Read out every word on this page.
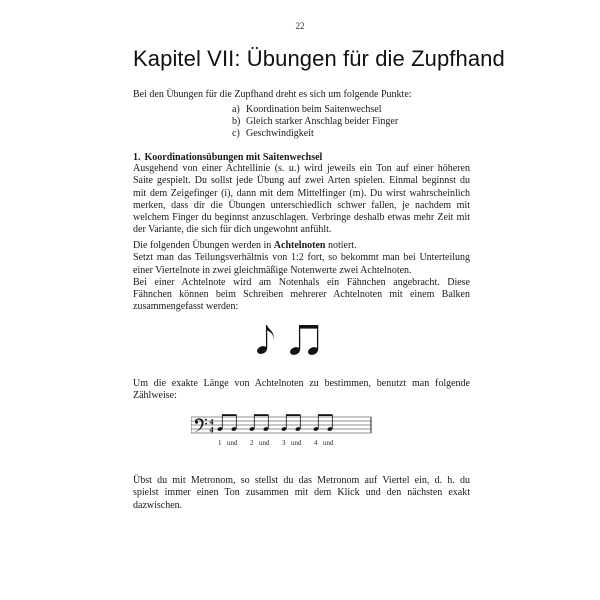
22
Kapitel VII: Übungen für die Zupfhand
Bei den Übungen für die Zupfhand dreht es sich um folgende Punkte:
a) Koordination beim Saitenwechsel
b) Gleich starker Anschlag beider Finger
c) Geschwindigkeit
1. Koordinationsübungen mit Saitenwechsel
Ausgehend von einer Achtellinie (s. u.) wird jeweils ein Ton auf einer höheren
Saite gespielt. Du sollst jede Übung auf zwei Arten spielen. Einmal beginnst du
mit dem Zeigefinger (i), dann mit dem Mittelfinger (m). Du wirst wahrscheinlich
merken, dass dir die Übungen unterschiedlich schwer fallen, je nachdem mit
welchem Finger du beginnst anzuschlagen. Verbringe deshalb etwas mehr Zeit mit
der Variante, die sich für dich ungewohnt anfühlt.
Die folgenden Übungen werden in Achtelnoten notiert.
Setzt man das Teilungsverhältnis von 1:2 fort, so bekommt man bei Unterteilung
einer Viertelnote in zwei gleichmäßige Notenwerte zwei Achtelnoten.
Bei einer Achtelnote wird am Notenhals ein Fähnchen angebracht. Diese
Fähnchen können beim Schreiben mehrerer Achtelnoten mit einem Balken
zusammengefasst werden:
Um die exakte Länge von Achtelnoten zu bestimmen, benutzt man folgende
Zählweise:
4
4
1 und 2 und 3 und 4 und
Übst du mit Metronom, so stellst du das Metronom auf Viertel ein, d. h. du
spielst immer einen Ton zusammen mit dem Klick und den nächsten exakt
dazwischen.
